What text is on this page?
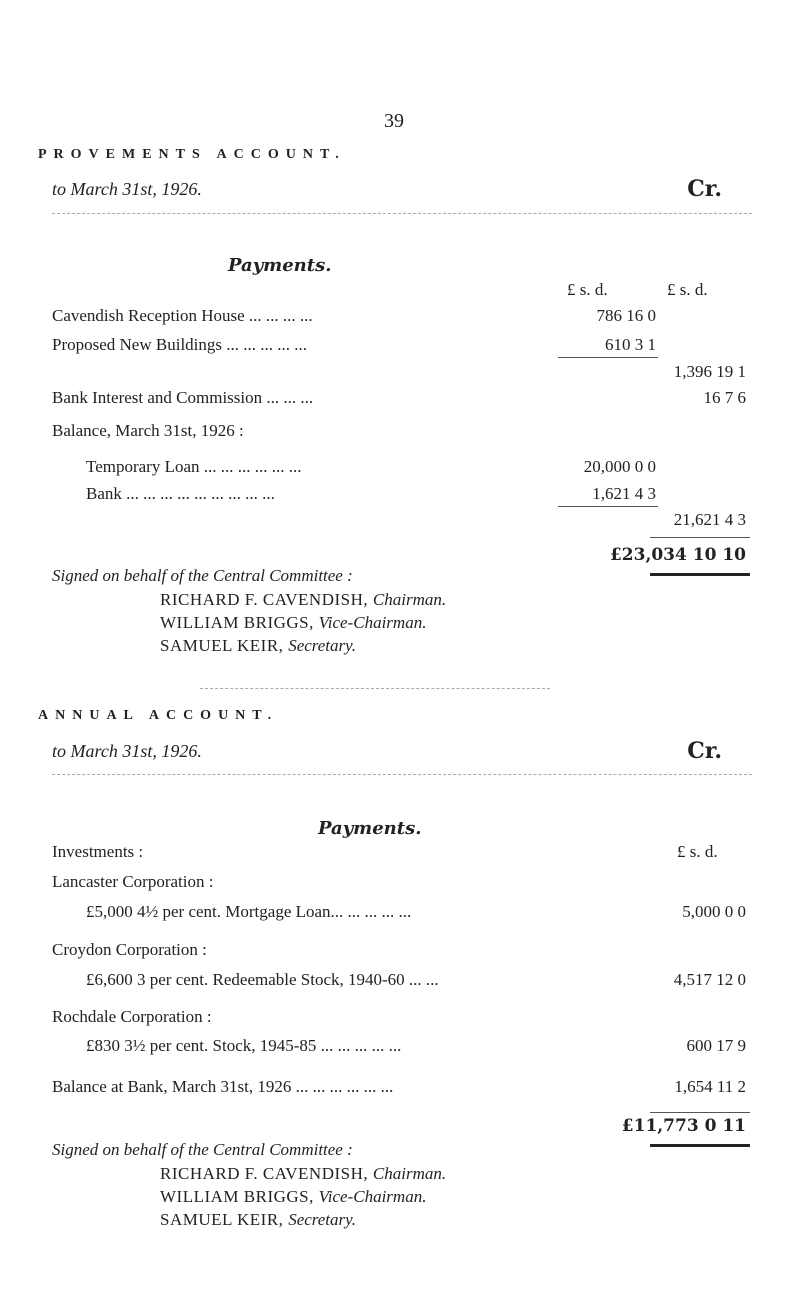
39
PROVEMENTS ACCOUNT.
to March 31st, 1926.	Cr.
Payments.
£ s. d.	£ s. d.
Cavendish Reception House ... ... ... ...	786 16 0
Proposed New Buildings ... ... ... ... ...	610 3 1
1,396 19 1
Bank Interest and Commission ... ... ...	16 7 6
Balance, March 31st, 1926 :
Temporary Loan ... ... ... ... ... ...	20,000 0 0
Bank ... ... ... ... ... ... ... ... ...	1,621 4 3
21,621 4 3
£23,034 10 10
Signed on behalf of the Central Committee :
RICHARD F. CAVENDISH, Chairman.
WILLIAM BRIGGS, Vice-Chairman.
SAMUEL KEIR, Secretary.
ANNUAL ACCOUNT.
to March 31st, 1926.	Cr.
Payments.
Investments :	£ s. d.
Lancaster Corporation :
£5,000 4½ per cent. Mortgage Loan... ... ... ... ...	5,000 0 0
Croydon Corporation :
£6,600 3 per cent. Redeemable Stock, 1940-60 ... ...	4,517 12 0
Rochdale Corporation :
£830 3½ per cent. Stock, 1945-85 ... ... ... ... ...	600 17 9
Balance at Bank, March 31st, 1926 ... ... ... ... ... ...	1,654 11 2
£11,773 0 11
Signed on behalf of the Central Committee :
RICHARD F. CAVENDISH, Chairman.
WILLIAM BRIGGS, Vice-Chairman.
SAMUEL KEIR, Secretary.
